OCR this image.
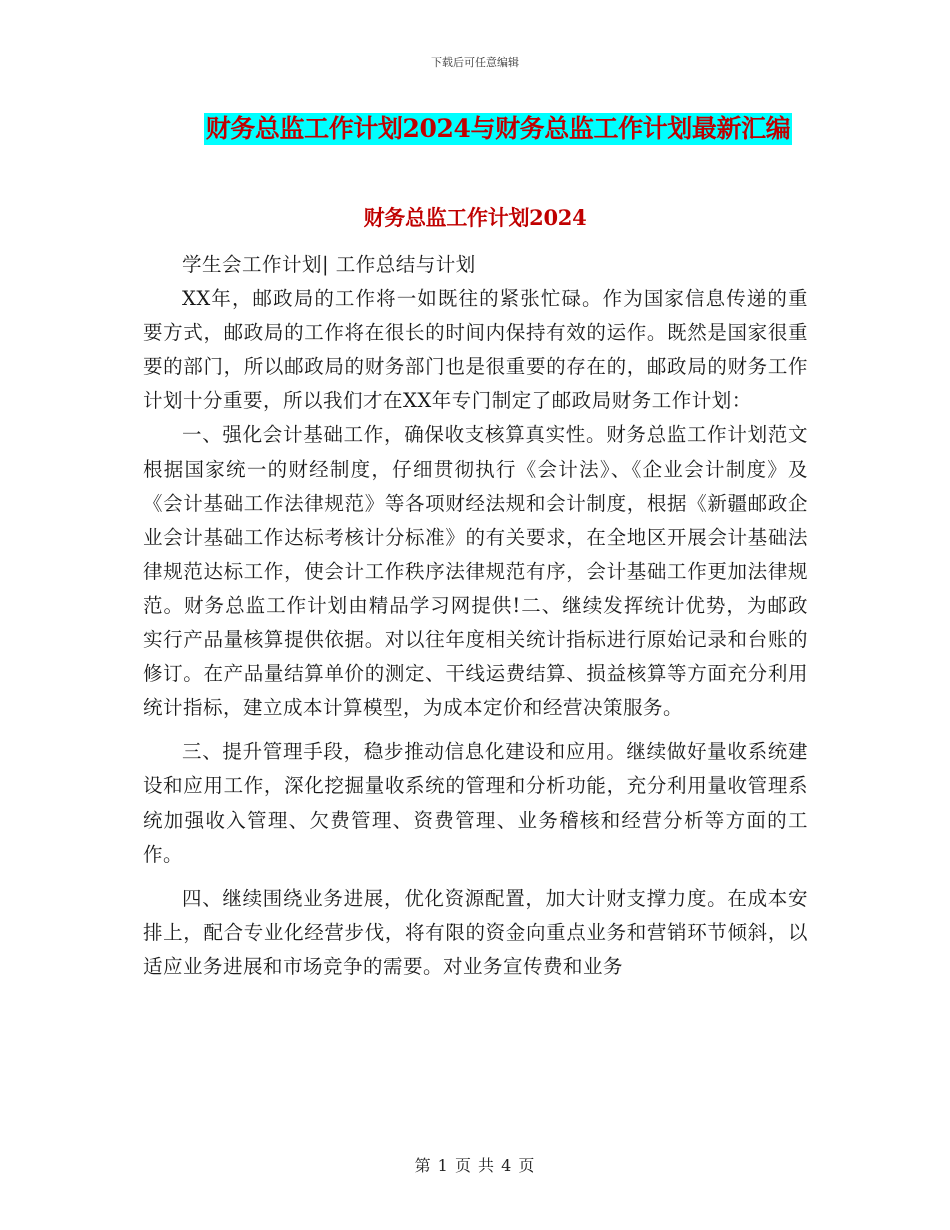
下载后可任意编辑
财务总监工作计划2024与财务总监工作计划最新汇编
财务总监工作计划2024

学生会工作计划| 工作总结与计划

XX年，邮政局的工作将一如既往的紧张忙碌。作为国家信息传递的重要方式，邮政局的工作将在很长的时间内保持有效的运作。既然是国家很重要的部门，所以邮政局的财务部门也是很重要的存在的，邮政局的财务工作计划十分重要，所以我们才在XX年专门制定了邮政局财务工作计划：

一、强化会计基础工作，确保收支核算真实性。财务总监工作计划范文根据国家统一的财经制度，仔细贯彻执行《会计法》、《企业会计制度》及《会计基础工作法律规范》等各项财经法规和会计制度，根据《新疆邮政企业会计基础工作达标考核计分标准》的有关要求，在全地区开展会计基础法律规范达标工作，使会计工作秩序法律规范有序，会计基础工作更加法律规范。财务总监工作计划由精品学习网提供!二、继续发挥统计优势，为邮政实行产品量核算提供依据。对以往年度相关统计指标进行原始记录和台账的修订。在产品量结算单价的测定、干线运费结算、损益核算等方面充分利用统计指标，建立成本计算模型，为成本定价和经营决策服务。

三、提升管理手段，稳步推动信息化建设和应用。继续做好量收系统建设和应用工作，深化挖掘量收系统的管理和分析功能，充分利用量收管理系统加强收入管理、欠费管理、资费管理、业务稽核和经营分析等方面的工作。

四、继续围绕业务进展，优化资源配置，加大计财支撑力度。在成本安排上，配合专业化经营步伐，将有限的资金向重点业务和营销环节倾斜，以适应业务进展和市场竞争的需要。对业务宣传费和业务

第 1 页 共 4 页
